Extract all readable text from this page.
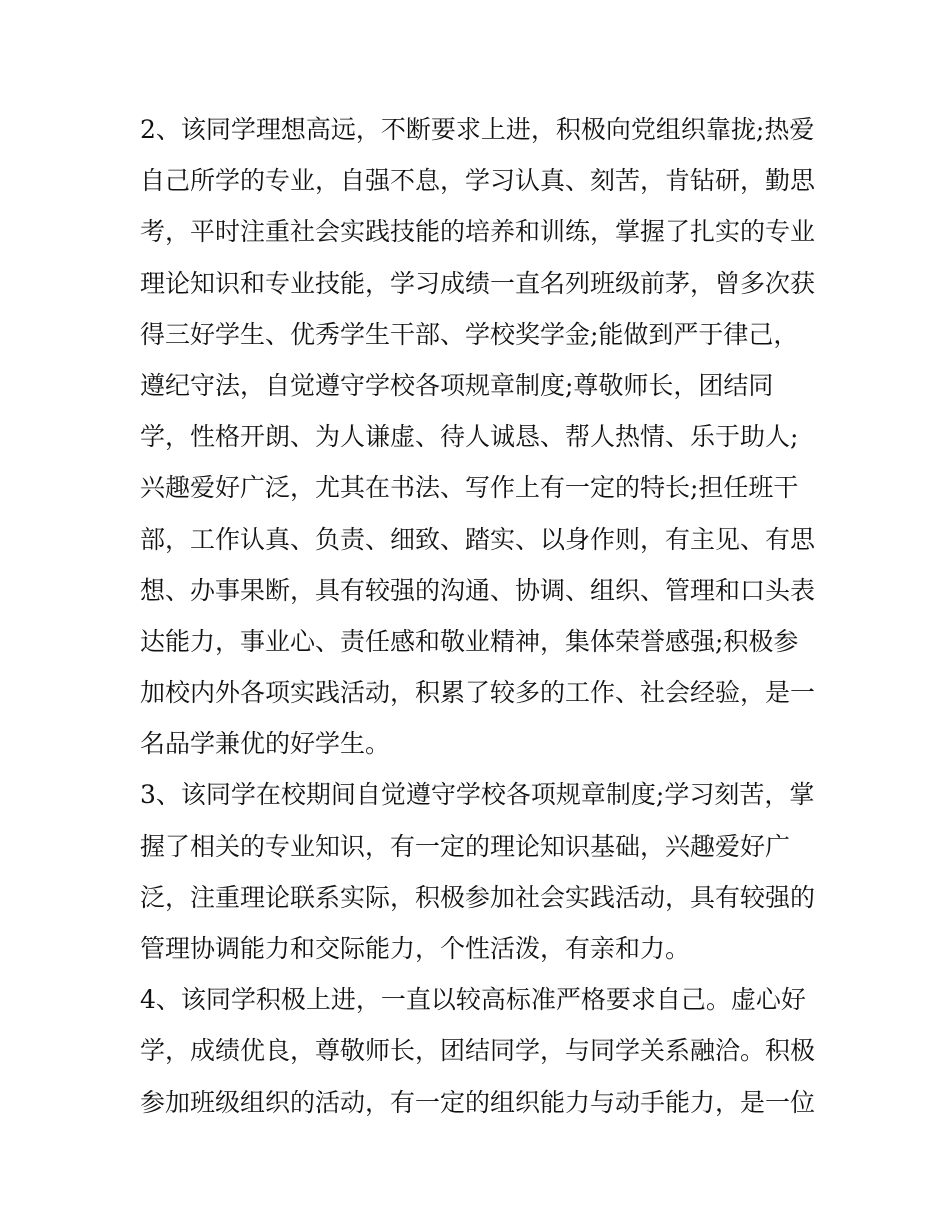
2、该同学理想高远，不断要求上进，积极向党组织靠拢;热爱
自己所学的专业，自强不息，学习认真、刻苦，肯钻研，勤思
考，平时注重社会实践技能的培养和训练，掌握了扎实的专业
理论知识和专业技能，学习成绩一直名列班级前茅，曾多次获
得三好学生、优秀学生干部、学校奖学金;能做到严于律己，
遵纪守法，自觉遵守学校各项规章制度;尊敬师长，团结同
学，性格开朗、为人谦虚、待人诚恳、帮人热情、乐于助人;
兴趣爱好广泛，尤其在书法、写作上有一定的特长;担任班干
部，工作认真、负责、细致、踏实、以身作则，有主见、有思
想、办事果断，具有较强的沟通、协调、组织、管理和口头表
达能力，事业心、责任感和敬业精神，集体荣誉感强;积极参
加校内外各项实践活动，积累了较多的工作、社会经验，是一
名品学兼优的好学生。
3、该同学在校期间自觉遵守学校各项规章制度;学习刻苦，掌
握了相关的专业知识，有一定的理论知识基础，兴趣爱好广
泛，注重理论联系实际，积极参加社会实践活动，具有较强的
管理协调能力和交际能力，个性活泼，有亲和力。
4、该同学积极上进，一直以较高标准严格要求自己。虚心好
学，成绩优良，尊敬师长，团结同学，与同学关系融洽。积极
参加班级组织的活动，有一定的组织能力与动手能力，是一位
